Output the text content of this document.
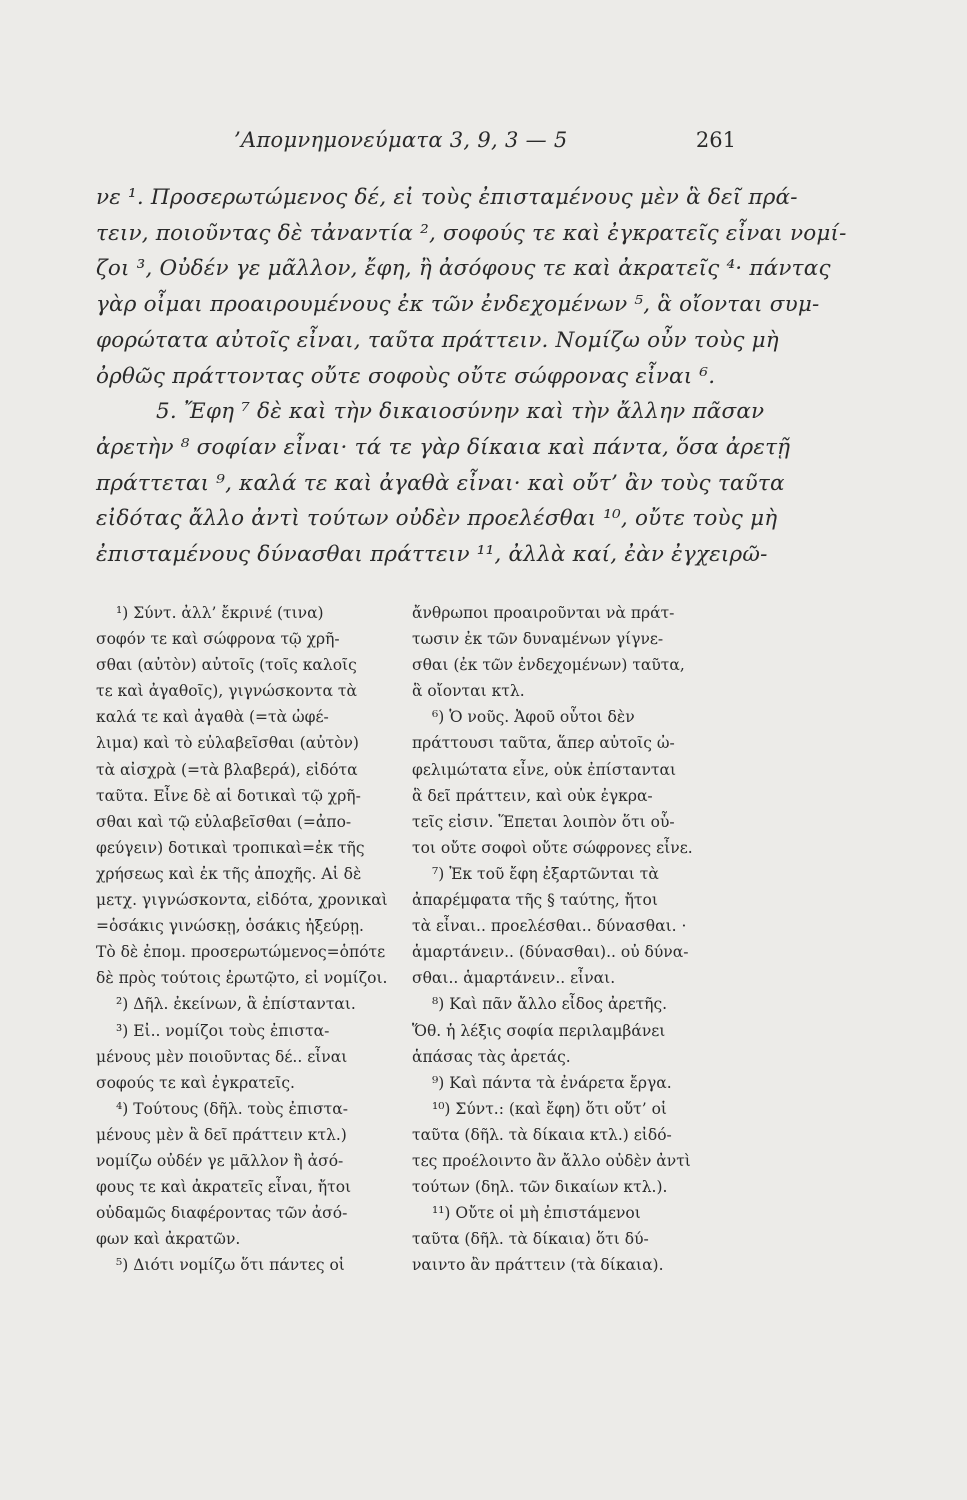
’Απομνημονεύματα 3, 9, 3 — 5	261
νε ¹. Προσερωτώμενος δέ, εἰ τοὺς ἐπισταμένους μὲν ἃ δεῖ πρά-
τειν, ποιοῦντας δὲ τἀναντία ², σοφούς τε καὶ ἐγκρατεῖς εἶναι νομί-
ζοι ³, Οὐδέν γε μᾶλλον, ἔφη, ἢ ἀσόφους τε καὶ ἀκρατεῖς ⁴· πάντας
γὰρ οἶμαι προαιρουμένους ἐκ τῶν ἐνδεχομένων ⁵, ἃ οἴονται συμ-
φορώτατα αὐτοῖς εἶναι, ταῦτα πράττειν. Νομίζω οὖν τοὺς μὴ
ὀρθῶς πράττοντας οὔτε σοφοὺς οὔτε σώφρονας εἶναι ⁶.
5. Ἔφη ⁷ δὲ καὶ τὴν δικαιοσύνην καὶ τὴν ἄλλην πᾶσαν
ἀρετὴν ⁸ σοφίαν εἶναι· τά τε γὰρ δίκαια καὶ πάντα, ὅσα ἀρετῇ
πράττεται ⁹, καλά τε καὶ ἀγαθὰ εἶναι· καὶ οὔτ’ ἂν τοὺς ταῦτα
εἰδότας ἄλλο ἀντὶ τούτων οὐδὲν προελέσθαι ¹⁰, οὔτε τοὺς μὴ
ἐπισταμένους δύνασθαι πράττειν ¹¹, ἀλλὰ καί, ἐὰν ἐγχειρῶ-
¹) Σύντ. ἀλλ’ ἔκρινέ (τινα)
σοφόν τε καὶ σώφρονα τῷ χρῆ-
σθαι (αὐτὸν) αὐτοῖς (τοῖς καλοῖς
τε καὶ ἀγαθοῖς), γιγνώσκοντα τὰ
καλά τε καὶ ἀγαθὰ (=τὰ ὠφέ-
λιμα) καὶ τὸ εὐλαβεῖσθαι (αὐτὸν)
τὰ αἰσχρὰ (=τὰ βλαβερά), εἰδότα
ταῦτα. Εἶνε δὲ αἱ δοτικαὶ τῷ χρῆ-
σθαι καὶ τῷ εὐλαβεῖσθαι (=ἀπο-
φεύγειν) δοτικαὶ τροπικαὶ=ἐκ τῆς
χρήσεως καὶ ἐκ τῆς ἀποχῆς. Αἱ δὲ
μετχ. γιγνώσκοντα, εἰδότα, χρονικαὶ
=ὁσάκις γινώσκῃ, ὁσάκις ἠξεύρῃ.
Τὸ δὲ ἐπομ. προσερωτώμενος=ὁπότε
δὲ πρὸς τούτοις ἐρωτῷτο, εἰ νομίζοι.
²) Δῆλ. ἐκείνων, ἃ ἐπίστανται.
³) Εἰ.. νομίζοι τοὺς ἐπιστα-
μένους μὲν ποιοῦντας δέ.. εἶναι
σοφούς τε καὶ ἐγκρατεῖς.
⁴) Τούτους (δῆλ. τοὺς ἐπιστα-
μένους μὲν ἃ δεῖ πράττειν κτλ.)
νομίζω οὐδέν γε μᾶλλον ἢ ἀσό-
φους τε καὶ ἀκρατεῖς εἶναι, ἤτοι
οὐδαμῶς διαφέροντας τῶν ἀσό-
φων καὶ ἀκρατῶν.
⁵) Διότι νομίζω ὅτι πάντες οἱ
ἄνθρωποι προαιροῦνται νὰ πράτ-
τωσιν ἐκ τῶν δυναμένων γίγνε-
σθαι (ἐκ τῶν ἐνδεχομένων) ταῦτα,
ἃ οἴονται κτλ.
⁶) Ὁ νοῦς. Ἀφοῦ οὗτοι δὲν
πράττουσι ταῦτα, ἅπερ αὐτοῖς ὠ-
φελιμώτατα εἶνε, οὐκ ἐπίστανται
ἃ δεῖ πράττειν, καὶ οὐκ ἐγκρα-
τεῖς εἰσιν. Ἕπεται λοιπὸν ὅτι οὗ-
τοι οὔτε σοφοὶ οὔτε σώφρονες εἶνε.
⁷) Ἐκ τοῦ ἔφη ἐξαρτῶνται τὰ
ἀπαρέμφατα τῆς § ταύτης, ἤτοι
τὰ εἶναι.. προελέσθαι.. δύνασθαι. ·
ἁμαρτάνειν.. (δύνασθαι).. οὐ δύνα-
σθαι.. ἁμαρτάνειν.. εἶναι.
⁸) Καὶ πᾶν ἄλλο εἶδος ἀρετῆς.
Ὅθ. ἡ λέξις σοφία περιλαμβάνει
ἁπάσας τὰς ἀρετάς.
⁹) Καὶ πάντα τὰ ἐνάρετα ἔργα.
¹⁰) Σύντ.: (καὶ ἔφη) ὅτι οὔτ’ οἱ
ταῦτα (δῆλ. τὰ δίκαια κτλ.) εἰδό-
τες προέλοιντο ἂν ἄλλο οὐδὲν ἀντὶ
τούτων (δηλ. τῶν δικαίων κτλ.).
¹¹) Οὔτε οἱ μὴ ἐπιστάμενοι
ταῦτα (δῆλ. τὰ δίκαια) ὅτι δύ-
ναιντο ἂν πράττειν (τὰ δίκαια).
